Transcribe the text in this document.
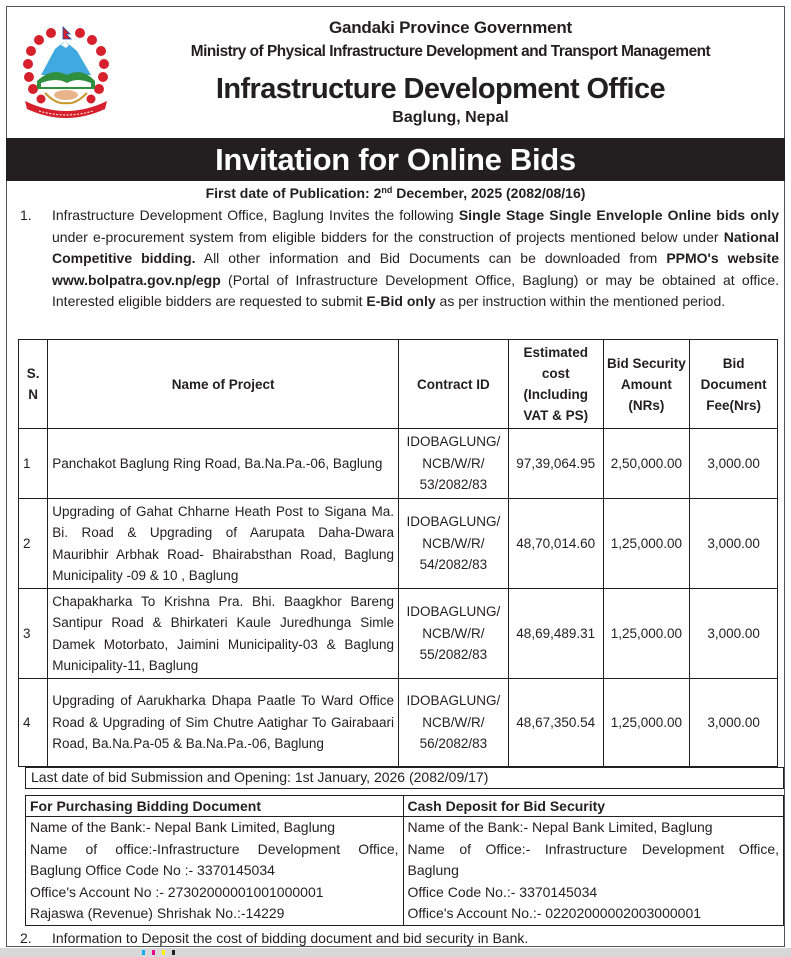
Gandaki Province Government
Ministry of Physical Infrastructure Development and Transport Management
Infrastructure Development Office
Baglung, Nepal
Invitation for Online Bids
First date of Publication: 2nd December, 2025 (2082/08/16)
1. Infrastructure Development Office, Baglung Invites the following Single Stage Single Envelople Online bids only under e-procurement system from eligible bidders for the construction of projects mentioned below under National Competitive bidding. All other information and Bid Documents can be downloaded from PPMO's website www.bolpatra.gov.np/egp (Portal of Infrastructure Development Office, Baglung) or may be obtained at office. Interested eligible bidders are requested to submit E-Bid only as per instruction within the mentioned period.
S. N	Name of Project	Contract ID	Estimated cost (Including VAT & PS)	Bid Security Amount (NRs)	Bid Document Fee(Nrs)
1	Panchakot Baglung Ring Road, Ba.Na.Pa.-06, Baglung	IDOBAGLUNG/ NCB/W/R/ 53/2082/83	97,39,064.95	2,50,000.00	3,000.00
2	Upgrading of Gahat Chharne Heath Post to Sigana Ma. Bi. Road & Upgrading of Aarupata Daha-Dwara Mauribhir Arbhak Road- Bhairabsthan Road, Baglung Municipality -09 & 10 , Baglung	IDOBAGLUNG/ NCB/W/R/ 54/2082/83	48,70,014.60	1,25,000.00	3,000.00
3	Chapakharka To Krishna Pra. Bhi. Baagkhor Bareng Santipur Road & Bhirkateri Kaule Juredhunga Simle Damek Motorbato, Jaimini Municipality-03 & Baglung Municipality-11, Baglung	IDOBAGLUNG/ NCB/W/R/ 55/2082/83	48,69,489.31	1,25,000.00	3,000.00
4	Upgrading of Aarukharka Dhapa Paatle To Ward Office Road & Upgrading of Sim Chutre Aatighar To Gairabaari Road, Ba.Na.Pa-05 & Ba.Na.Pa.-06, Baglung	IDOBAGLUNG/ NCB/W/R/ 56/2082/83	48,67,350.54	1,25,000.00	3,000.00
Last date of bid Submission and Opening: 1st January, 2026 (2082/09/17)
For Purchasing Bidding Document	Cash Deposit for Bid Security

Name of the Bank:- Nepal Bank Limited, Baglung
Name of office:-Infrastructure Development Office,
Baglung Office Code No :- 3370145034
Office's Account No :- 27302000001001000001
Rajaswa (Revenue) Shrishak No.:-14229

Name of the Bank:- Nepal Bank Limited, Baglung
Name of Office:- Infrastructure Development Office,
Baglung
Office Code No.:- 3370145034
Office's Account No.:- 02202000002003000001
2. Information to Deposit the cost of bidding document and bid security in Bank.
